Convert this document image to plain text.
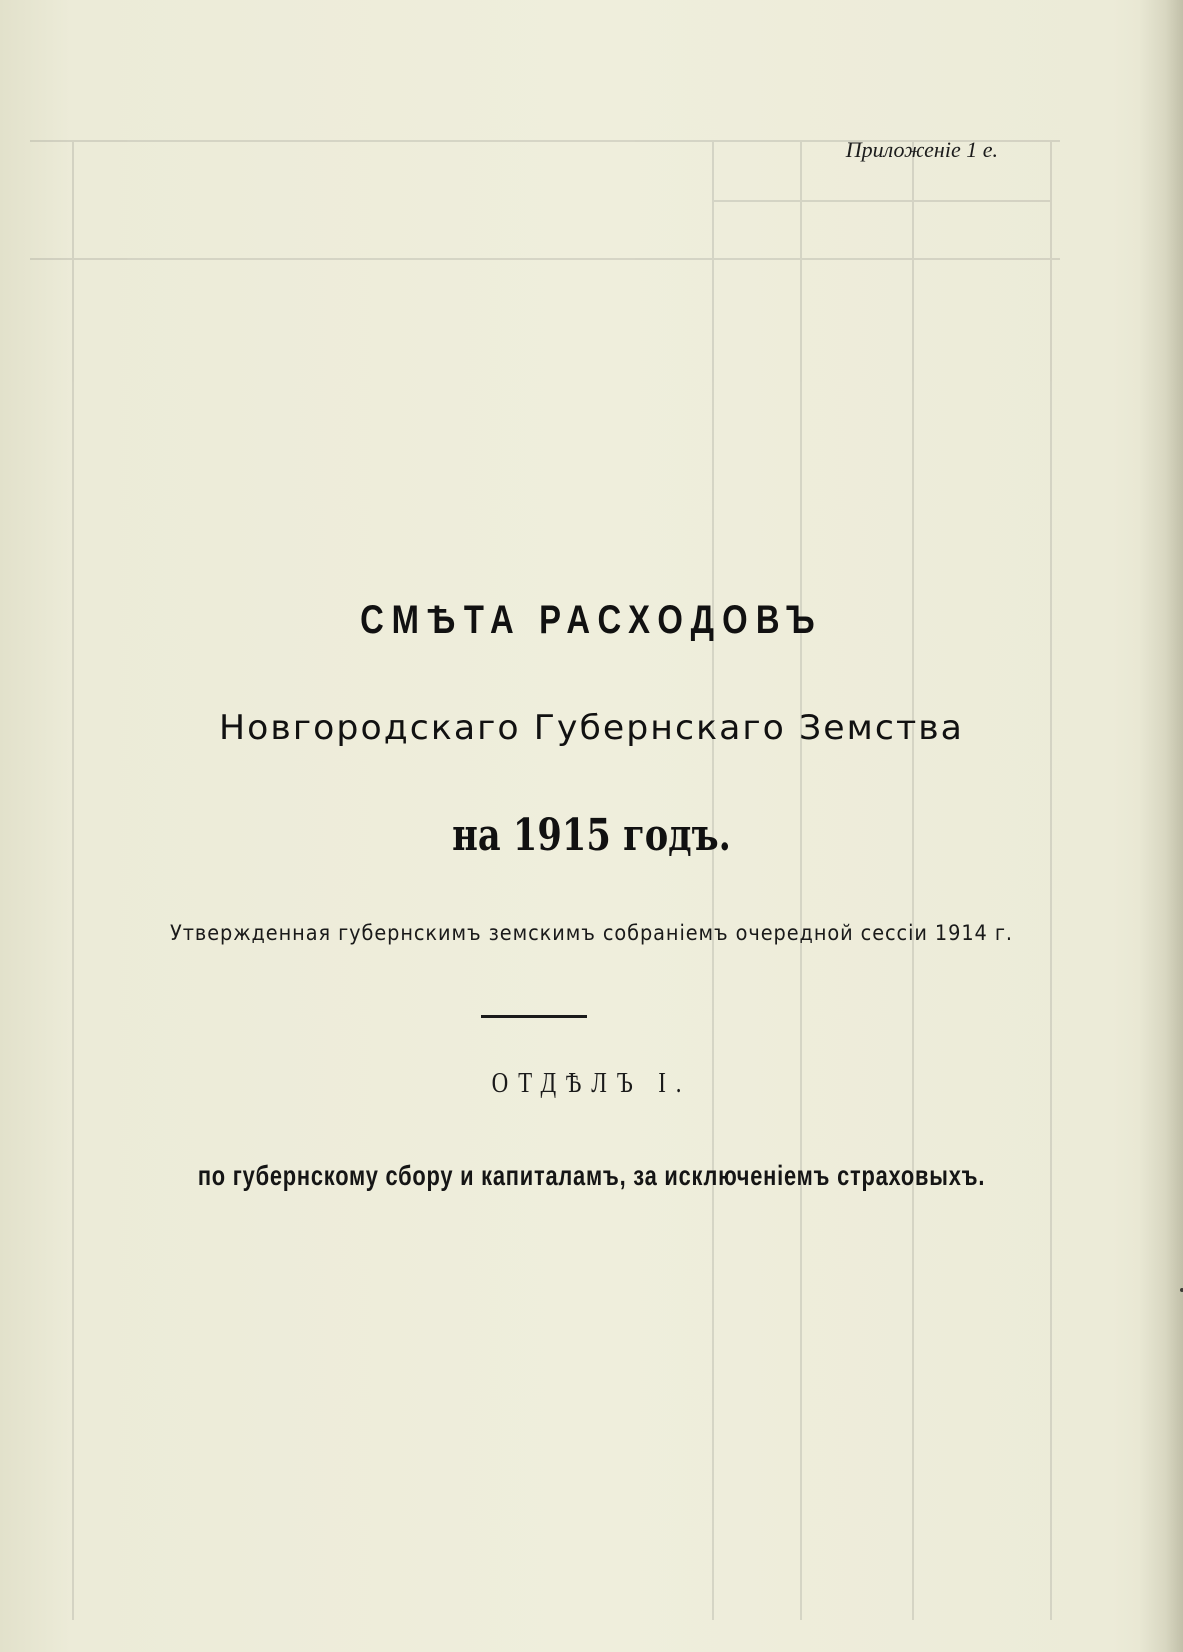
Приложеніе 1 е.
СМѢТА РАСХОДОВЪ
Новгородскаго Губернскаго Земства
на 1915 годъ.
Утвержденная губернскимъ земскимъ собраніемъ очередной сессіи 1914 г.
ОТДѢЛЪ I.
по губернскому сбору и капиталамъ, за исключеніемъ страховыхъ.
